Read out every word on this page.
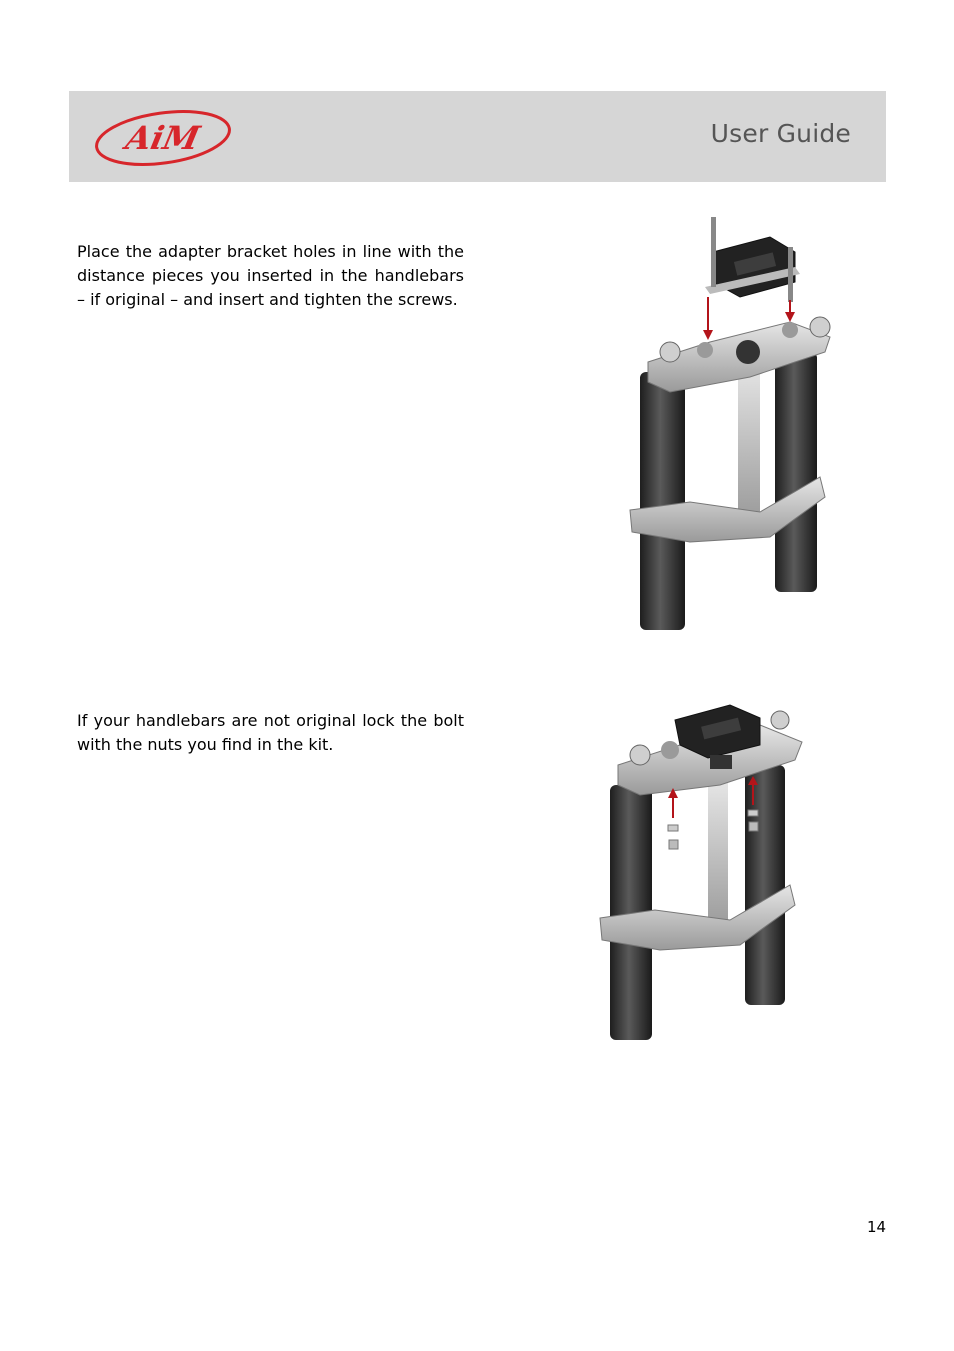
AiM	User Guide
Place the adapter bracket holes in line with the distance pieces you inserted in the handlebars – if original – and insert and tighten the screws.
If your handlebars are not original lock the bolt with the nuts you find in the kit.
14
